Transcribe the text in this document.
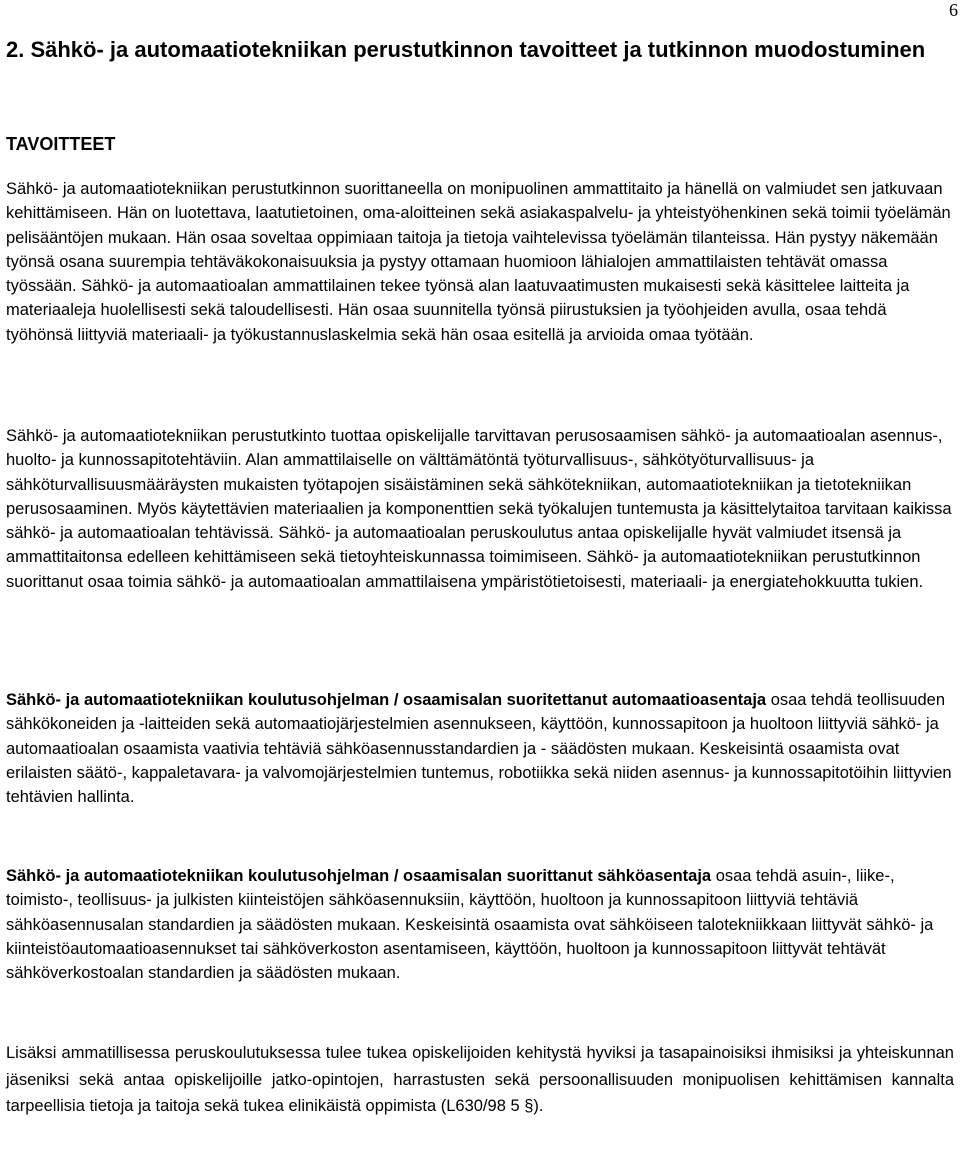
6
2. Sähkö- ja automaatiotekniikan perustutkinnon tavoitteet ja tutkinnon muodostuminen
TAVOITTEET

Sähkö- ja automaatiotekniikan perustutkinnon suorittaneella on monipuolinen ammattitaito ja hänellä on valmiudet sen jatkuvaan kehittämiseen. Hän on luotettava, laatutietoinen, oma-aloitteinen sekä asiakaspalvelu- ja yhteistyöhenkinen sekä toimii työelämän pelisääntöjen mukaan. Hän osaa soveltaa oppimiaan taitoja ja tietoja vaihtelevissa työelämän tilanteissa. Hän pystyy näkemään työnsä osana suurempia tehtäväkokonaisuuksia ja pystyy ottamaan huomioon lähialojen ammattilaisten tehtävät omassa työssään. Sähkö- ja automaatioalan ammattilainen tekee työnsä alan laatuvaatimusten mukaisesti sekä käsittelee laitteita ja materiaaleja huolellisesti sekä taloudellisesti. Hän osaa suunnitella työnsä piirustuksien ja työohjeiden avulla, osaa tehdä työhönsä liittyviä materiaali- ja työkustannuslaskelmia sekä hän osaa esitellä ja arvioida omaa työtään.

Sähkö- ja automaatiotekniikan perustutkinto tuottaa opiskelijalle tarvittavan perusosaamisen sähkö- ja automaatioalan asennus-, huolto- ja kunnossapitotehtäviin. Alan ammattilaiselle on välttämätöntä työturvallisuus-, sähkötyöturvallisuus- ja sähköturvallisuusmääräysten mukaisten työtapojen sisäistäminen sekä sähkötekniikan, automaatiotekniikan ja tietotekniikan perusosaaminen. Myös käytettävien materiaalien ja komponenttien sekä työkalujen tuntemusta ja käsittelytaitoa tarvitaan kaikissa sähkö- ja automaatioalan tehtävissä. Sähkö- ja automaatioalan peruskoulutus antaa opiskelijalle hyvät valmiudet itsensä ja ammattitaitonsa edelleen kehittämiseen sekä tietoyhteiskunnassa toimimiseen. Sähkö- ja automaatiotekniikan perustutkinnon suorittanut osaa toimia sähkö- ja automaatioalan ammattilaisena ympäristötietoisesti, materiaali- ja energiatehokkuutta tukien.

Sähkö- ja automaatiotekniikan koulutusohjelman / osaamisalan suoritettanut automaatioasentaja osaa tehdä teollisuuden sähkökoneiden ja -laitteiden sekä automaatiojärjestelmien asennukseen, käyttöön, kunnossapitoon ja huoltoon liittyviä sähkö- ja automaatioalan osaamista vaativia tehtäviä sähköasennusstandardien ja - säädösten mukaan. Keskeisintä osaamista ovat erilaisten säätö-, kappaletavara- ja valvomojärjestelmien tuntemus, robotiikka sekä niiden asennus- ja kunnossapitotöihin liittyvien tehtävien hallinta.

Sähkö- ja automaatiotekniikan koulutusohjelman / osaamisalan suorittanut sähköasentaja osaa tehdä asuin-, liike-, toimisto-, teollisuus- ja julkisten kiinteistöjen sähköasennuksiin, käyttöön, huoltoon ja kunnossapitoon liittyviä tehtäviä sähköasennusalan standardien ja säädösten mukaan. Keskeisintä osaamista ovat sähköiseen talotekniikkaan liittyvät sähkö- ja kiinteistöautomaatioasennukset tai sähköverkoston asentamiseen, käyttöön, huoltoon ja kunnossapitoon liittyvät tehtävät sähköverkostoalan standardien ja säädösten mukaan.

Lisäksi ammatillisessa peruskoulutuksessa tulee tukea opiskelijoiden kehitystä hyviksi ja tasapainoisiksi ihmisiksi ja yhteiskunnan jäseniksi sekä antaa opiskelijoille jatko-opintojen, harrastusten sekä persoonallisuuden monipuolisen kehittämisen kannalta tarpeellisia tietoja ja taitoja sekä tukea elinikäistä oppimista (L630/98 5 §).
